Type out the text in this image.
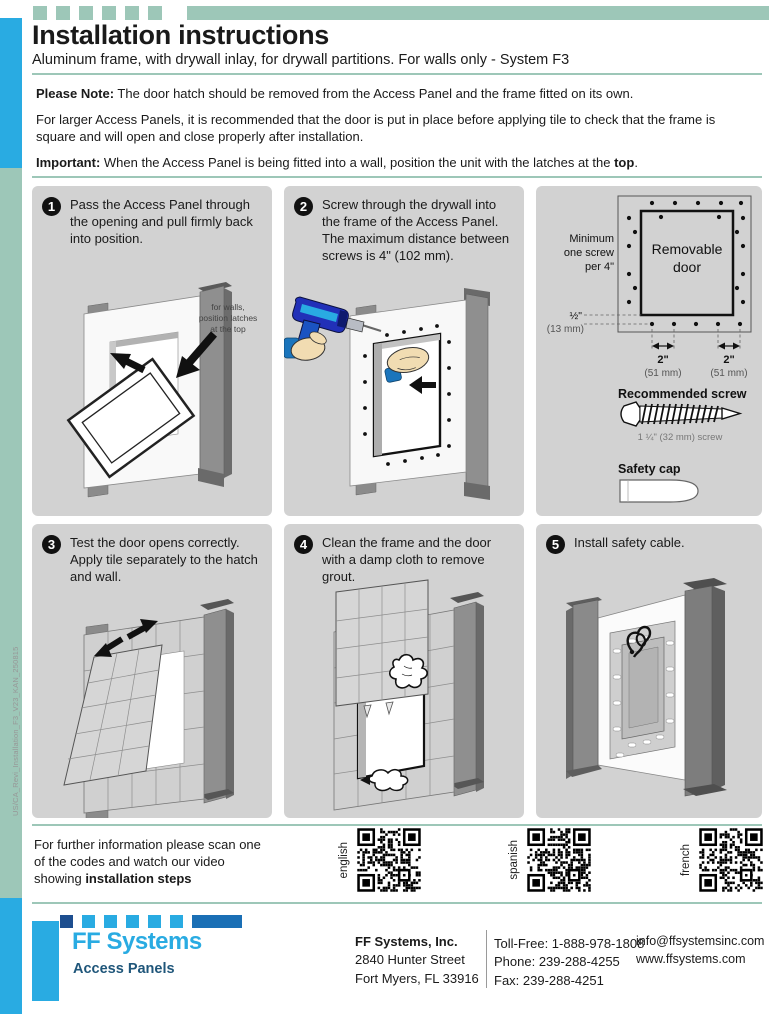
Installation instructions
Aluminum frame, with drywall inlay, for drywall partitions. For walls only - System F3

Please Note: The door hatch should be removed from the Access Panel and the frame fitted on its own.

For larger Access Panels, it is recommended that the door is put in place before applying tile to check that the frame is square and will open and close properly after installation.

Important: When the Access Panel is being fitted into a wall, position the unit with the latches at the top.

1	Pass the Access Panel through the opening and pull firmly back into position.
for walls,
position latches
at the top
2	Screw through the drywall into the frame of the Access Panel. The maximum distance between screws is 4" (102 mm).	Removable
door
Minimum
one screw
per 4"
½"
(13 mm)
2"
(51 mm)
2"
(51 mm)
Recommended screw
1 ¼" (32 mm) screw
Safety cap
3	Test the door opens correctly. Apply tile separately to the hatch and wall.
4	Clean the frame and the door with a damp cloth to remove grout.
5	Install safety cable.
US/CA_Revi_Installation_F3_V23_KAN_250815
For further information please scan one
of the codes and watch our video
showing installation steps
english	spanish	french
FF Systems
Access Panels
FF Systems, Inc.
2840 Hunter Street
Fort Myers, FL 33916
Toll-Free: 1-888-978-1808
Phone: 239-288-4255
Fax: 239-288-4251
info@ffsystemsinc.com
www.ffsystems.com
